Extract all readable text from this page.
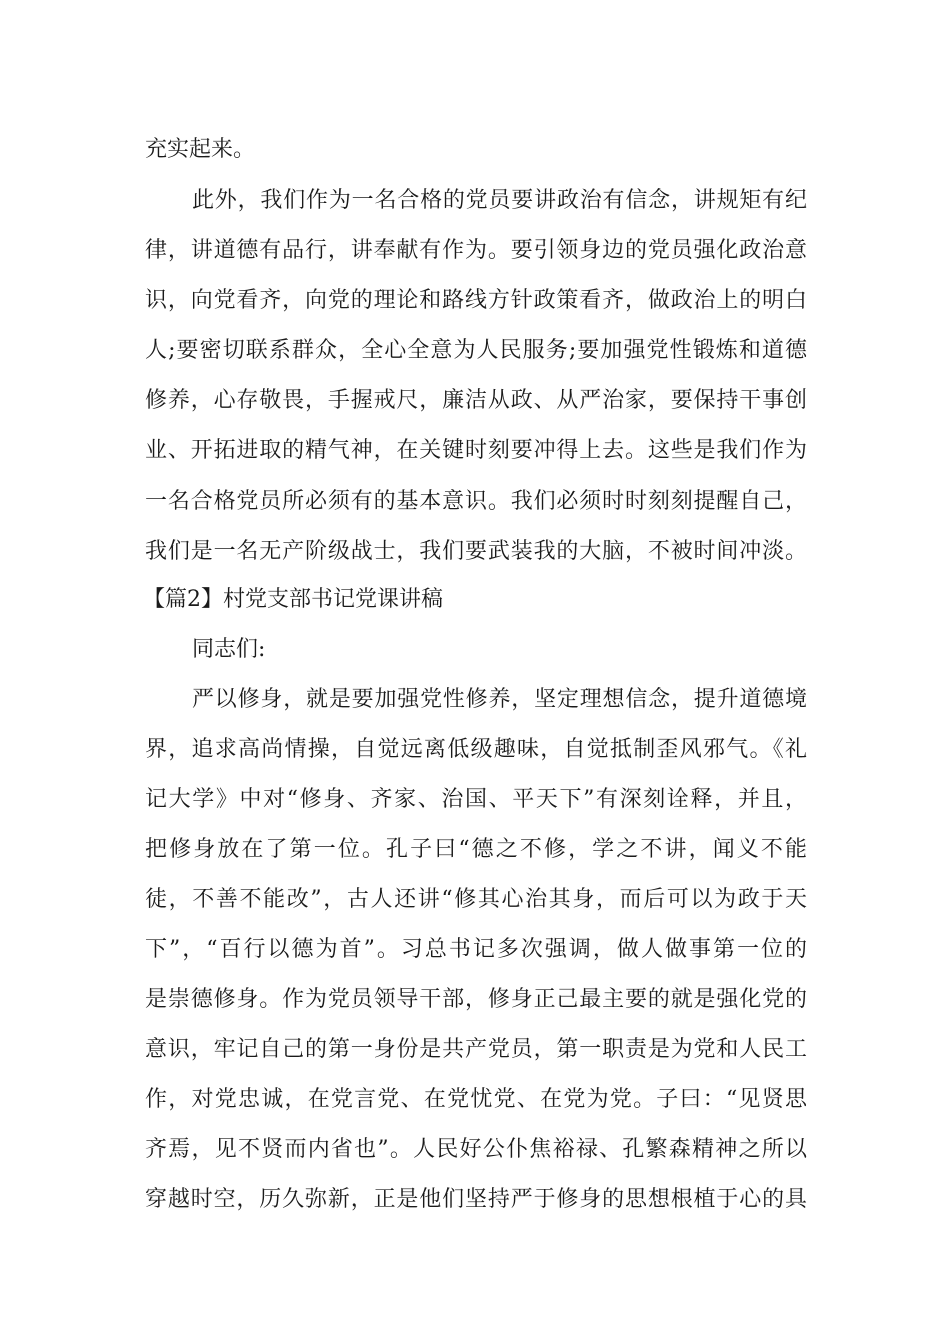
充实起来。
此外，我们作为一名合格的党员要讲政治有信念，讲规矩有纪
律，讲道德有品行，讲奉献有作为。要引领身边的党员强化政治意
识，向党看齐，向党的理论和路线方针政策看齐，做政治上的明白
人;要密切联系群众，全心全意为人民服务;要加强党性锻炼和道德
修养，心存敬畏，手握戒尺，廉洁从政、从严治家，要保持干事创
业、开拓进取的精气神，在关键时刻要冲得上去。这些是我们作为
一名合格党员所必须有的基本意识。我们必须时时刻刻提醒自己，
我们是一名无产阶级战士，我们要武装我的大脑，不被时间冲淡。
【篇2】村党支部书记党课讲稿
同志们:
严以修身，就是要加强党性修养，坚定理想信念，提升道德境
界，追求高尚情操，自觉远离低级趣味，自觉抵制歪风邪气。《礼
记大学》中对“修身、齐家、治国、平天下”有深刻诠释，并且，
把修身放在了第一位。孔子曰“德之不修，学之不讲，闻义不能
徒，不善不能改”，古人还讲“修其心治其身，而后可以为政于天
下”，“百行以德为首”。习总书记多次强调，做人做事第一位的
是崇德修身。作为党员领导干部，修身正己最主要的就是强化党的
意识，牢记自己的第一身份是共产党员，第一职责是为党和人民工
作，对党忠诚，在党言党、在党忧党、在党为党。子曰：“见贤思
齐焉，见不贤而内省也”。人民好公仆焦裕禄、孔繁森精神之所以
穿越时空，历久弥新，正是他们坚持严于修身的思想根植于心的具
